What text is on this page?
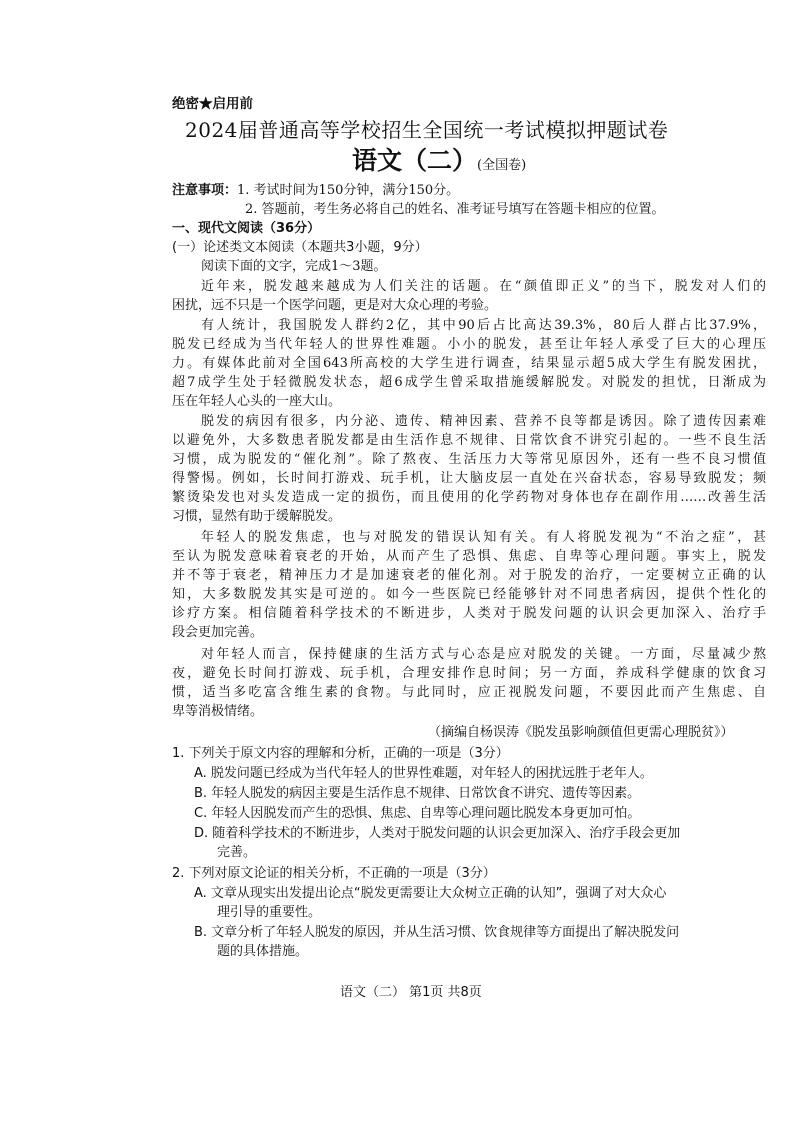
绝密★启用前
2024届普通高等学校招生全国统一考试模拟押题试卷
语文（二）(全国卷)
注意事项：1. 考试时间为150分钟，满分150分。
2. 答题前，考生务必将自己的姓名、准考证号填写在答题卡相应的位置。
一、现代文阅读（36分）
(一）论述类文本阅读（本题共3小题，9分）
阅读下面的文字，完成1～3题。
近年来，脱发越来越成为人们关注的话题。在“颜值即正义”的当下，脱发对人们的
困扰，远不只是一个医学问题，更是对大众心理的考验。
有人统计，我国脱发人群约2亿，其中90后占比高达39.3%，80后人群占比37.9%，
脱发已经成为当代年轻人的世界性难题。小小的脱发，甚至让年轻人承受了巨大的心理压
力。有媒体此前对全国643所高校的大学生进行调查，结果显示超5成大学生有脱发困扰，
超7成学生处于轻微脱发状态，超6成学生曾采取措施缓解脱发。对脱发的担忧，日渐成为
压在年轻人心头的一座大山。
脱发的病因有很多，内分泌、遗传、精神因素、营养不良等都是诱因。除了遗传因素难
以避免外，大多数患者脱发都是由生活作息不规律、日常饮食不讲究引起的。一些不良生活
习惯，成为脱发的“催化剂”。除了熬夜、生活压力大等常见原因外，还有一些不良习惯值
得警惕。例如，长时间打游戏、玩手机，让大脑皮层一直处在兴奋状态，容易导致脱发；频
繁烫染发也对头发造成一定的损伤，而且使用的化学药物对身体也存在副作用……改善生活
习惯，显然有助于缓解脱发。
年轻人的脱发焦虑，也与对脱发的错误认知有关。有人将脱发视为“不治之症”，甚
至认为脱发意味着衰老的开始，从而产生了恐惧、焦虑、自卑等心理问题。事实上，脱发
并不等于衰老，精神压力才是加速衰老的催化剂。对于脱发的治疗，一定要树立正确的认
知，大多数脱发其实是可逆的。如今一些医院已经能够针对不同患者病因，提供个性化的
诊疗方案。相信随着科学技术的不断进步，人类对于脱发问题的认识会更加深入、治疗手
段会更加完善。
对年轻人而言，保持健康的生活方式与心态是应对脱发的关键。一方面，尽量减少熬
夜，避免长时间打游戏、玩手机，合理安排作息时间；另一方面，养成科学健康的饮食习
惯，适当多吃富含维生素的食物。与此同时，应正视脱发问题，不要因此而产生焦虑、自
卑等消极情绪。
（摘编自杨误涛《脱发虽影响颜值但更需心理脱贫》）
1. 下列关于原文内容的理解和分析，正确的一项是（3分）
A. 脱发问题已经成为当代年轻人的世界性难题，对年轻人的困扰远胜于老年人。
B. 年轻人脱发的病因主要是生活作息不规律、日常饮食不讲究、遗传等因素。
C. 年轻人因脱发而产生的恐惧、焦虑、自卑等心理问题比脱发本身更加可怕。
D. 随着科学技术的不断进步，人类对于脱发问题的认识会更加深入、治疗手段会更加
完善。
2. 下列对原文论证的相关分析，不正确的一项是（3分）
A. 文章从现实出发提出论点“脱发更需要让大众树立正确的认知”，强调了对大众心
理引导的重要性。
B. 文章分析了年轻人脱发的原因，并从生活习惯、饮食规律等方面提出了解决脱发问
题的具体措施。
语文（二） 第1页 共8页
